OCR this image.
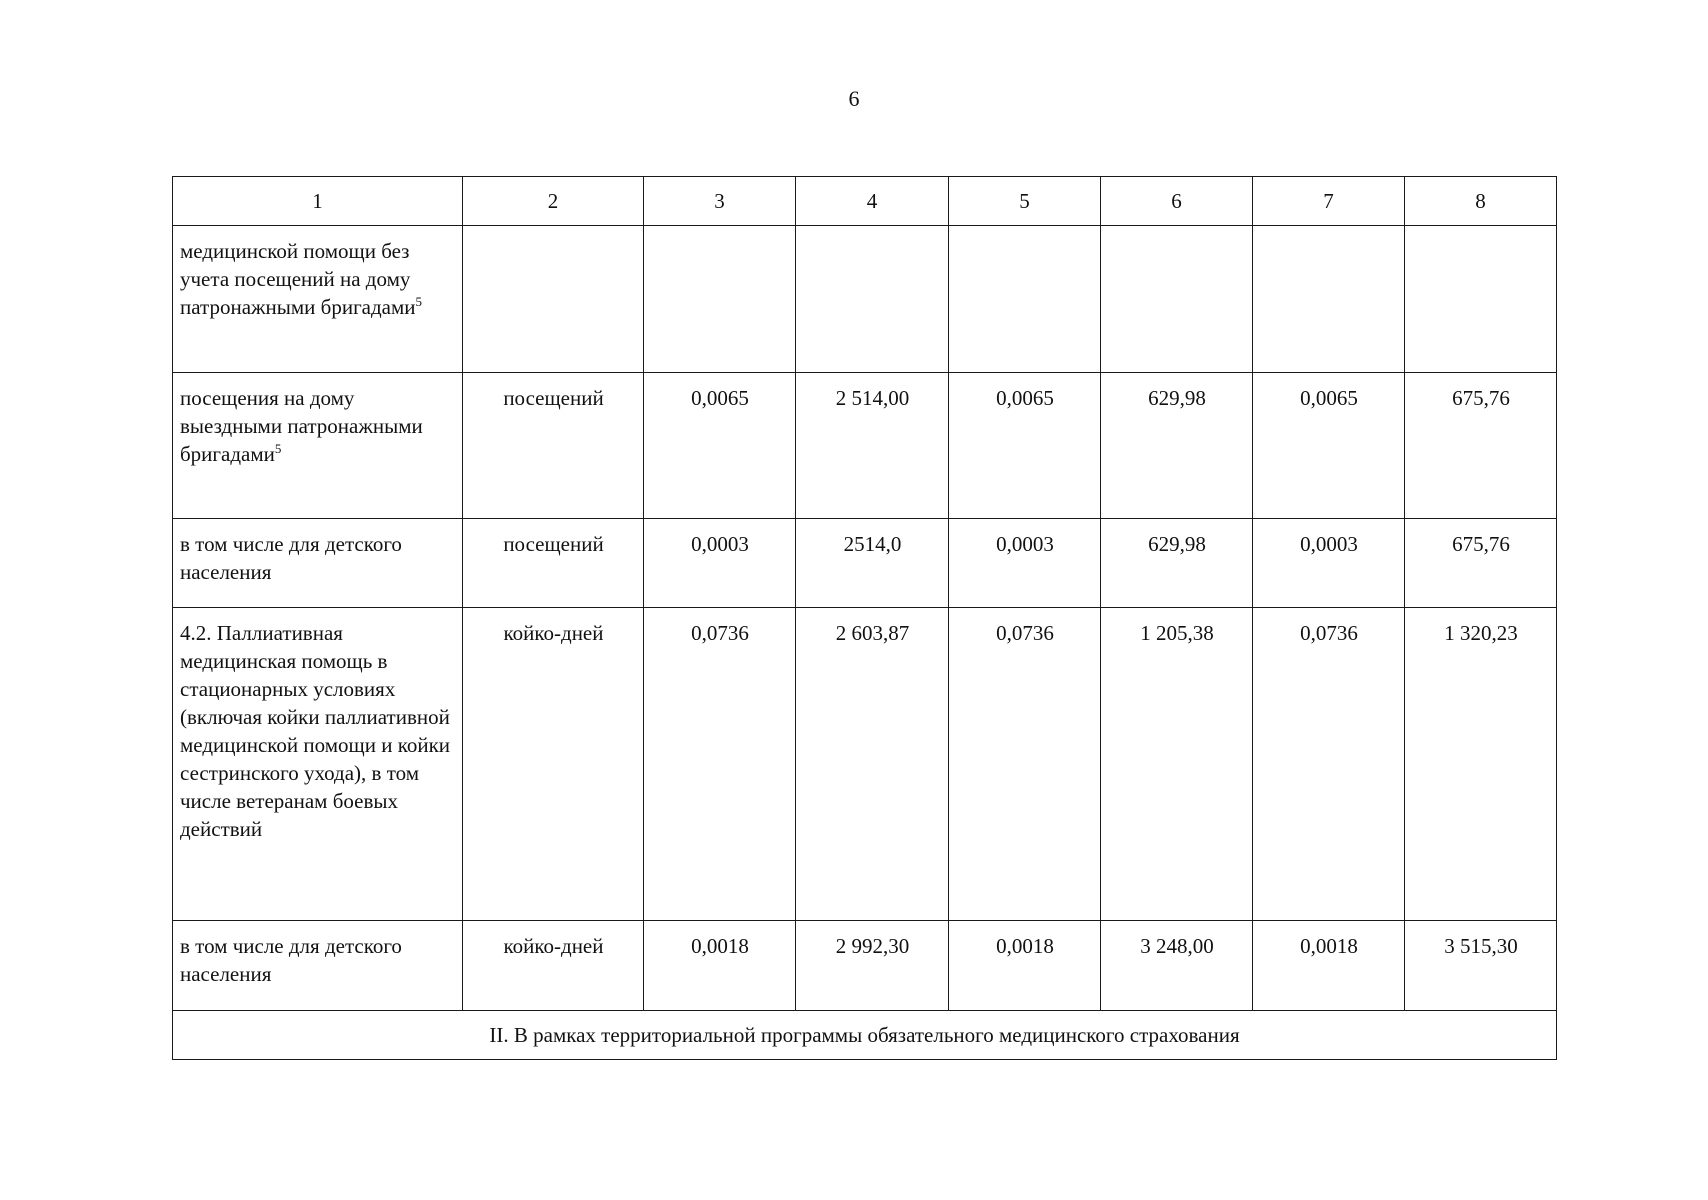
6
1	2	3	4	5	6	7	8
медицинской помощи без учета посещений на дому патронажными бригадами$^5$							
посещения на дому выездными патронажными бригадами$^5$	посещений	0,0065	2 514,00	0,0065	629,98	0,0065	675,76
в том числе для детского населения	посещений	0,0003	2514,0	0,0003	629,98	0,0003	675,76
4.2. Паллиативная медицинская помощь в стационарных условиях (включая койки паллиативной медицинской помощи и койки сестринского ухода), в том числе ветеранам боевых действий	койко-дней	0,0736	2 603,87	0,0736	1 205,38	0,0736	1 320,23
в том числе для детского населения	койко-дней	0,0018	2 992,30	0,0018	3 248,00	0,0018	3 515,30
II. В рамках территориальной программы обязательного медицинского страхования							
